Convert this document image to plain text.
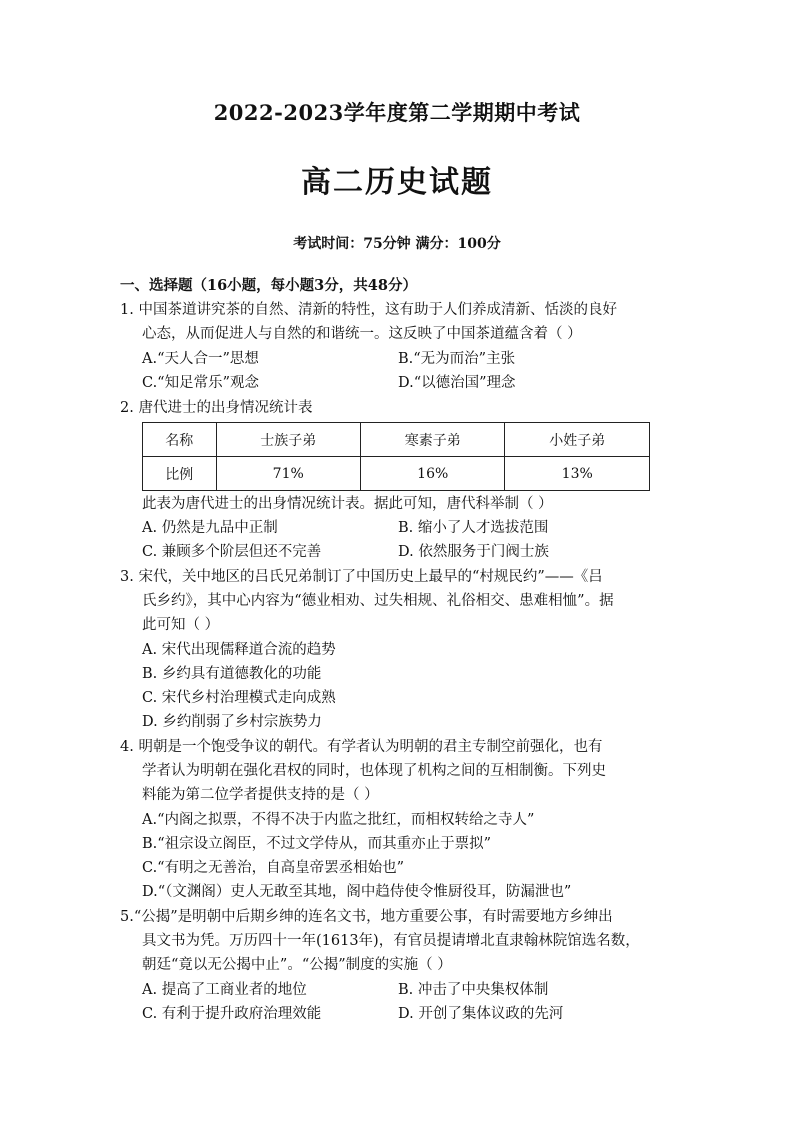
2022-2023学年度第二学期期中考试
高二历史试题
考试时间：75分钟 满分：100分
一、选择题（16小题，每小题3分，共48分）
1. 中国茶道讲究茶的自然、清新的特性，这有助于人们养成清新、恬淡的良好
心态，从而促进人与自然的和谐统一。这反映了中国茶道蕴含着（ ）
A.“天人合一”思想	B.“无为而治”主张
C.“知足常乐”观念	D.“以德治国”理念
2. 唐代进士的出身情况统计表
名称	士族子弟	寒素子弟	小姓子弟
比例	71%	16%	13%
此表为唐代进士的出身情况统计表。据此可知，唐代科举制（ ）
A. 仍然是九品中正制	B. 缩小了人才选拔范围
C. 兼顾多个阶层但还不完善	D. 依然服务于门阀士族
3. 宋代，关中地区的吕氏兄弟制订了中国历史上最早的“村规民约”——《吕
氏乡约》，其中心内容为“德业相劝、过失相规、礼俗相交、患难相恤”。据
此可知（ ）
A. 宋代出现儒释道合流的趋势
B. 乡约具有道德教化的功能
C. 宋代乡村治理模式走向成熟
D. 乡约削弱了乡村宗族势力
4. 明朝是一个饱受争议的朝代。有学者认为明朝的君主专制空前强化，也有
学者认为明朝在强化君权的同时，也体现了机构之间的互相制衡。下列史
料能为第二位学者提供支持的是（ ）
A.“内阁之拟票，不得不决于内监之批红，而相权转给之寺人”
B.“祖宗设立阁臣，不过文学侍从，而其重亦止于票拟”
C.“有明之无善治，自高皇帝罢丞相始也”
D.“（文渊阁）吏人无敢至其地，阁中趋侍使令惟厨役耳，防漏泄也”
5.“公揭”是明朝中后期乡绅的连名文书，地方重要公事，有时需要地方乡绅出
具文书为凭。万历四十一年(1613年)，有官员提请增北直隶翰林院馆选名数，
朝廷“竟以无公揭中止”。“公揭”制度的实施（ ）
A. 提高了工商业者的地位	B. 冲击了中央集权体制
C. 有利于提升政府治理效能	D. 开创了集体议政的先河
